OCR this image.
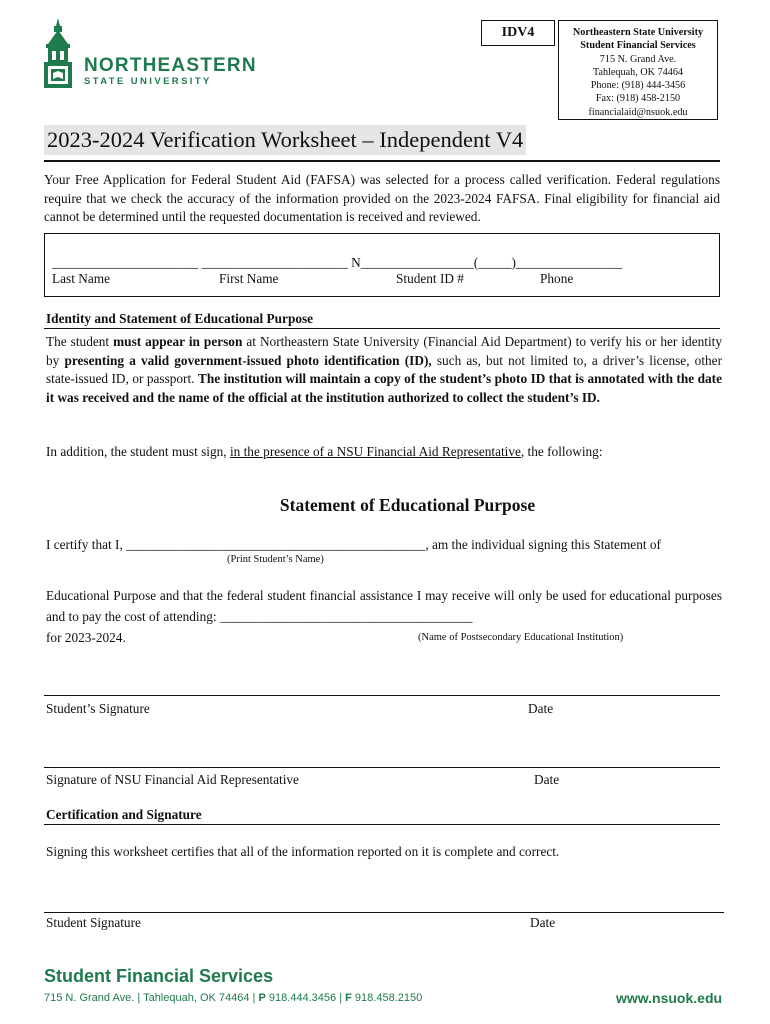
NORTHEASTERN
STATE UNIVERSITY
IDV4	Northeastern State University
Student Financial Services
715 N. Grand Ave.
Tahlequah, OK 74464
Phone: (918) 444-3456
Fax: (918) 458-2150
financialaid@nsuok.edu
2023-2024 Verification Worksheet – Independent V4
Your Free Application for Federal Student Aid (FAFSA) was selected for a process called verification. Federal regulations require that we check the accuracy of the information provided on the 2023-2024 FAFSA. Final eligibility for financial aid cannot be determined until the requested documentation is received and reviewed.
______________________ ______________________ N_________________(_____)________________
Last Name	First Name	Student ID #	Phone
Identity and Statement of Educational Purpose
The student must appear in person at Northeastern State University (Financial Aid Department) to verify his or her identity by presenting a valid government-issued photo identification (ID), such as, but not limited to, a driver’s license, other state-issued ID, or passport. The institution will maintain a copy of the student’s photo ID that is annotated with the date it was received and the name of the official at the institution authorized to collect the student’s ID.
In addition, the student must sign, in the presence of a NSU Financial Aid Representative, the following:
Statement of Educational Purpose
I certify that I, _____________________________________________, am the individual signing this Statement of
(Print Student’s Name)
Educational Purpose and that the federal student financial assistance I may receive will only be used for educational purposes and to pay the cost of attending: ______________________________________
for 2023-2024.	(Name of Postsecondary Educational Institution)
Student’s Signature	Date
Signature of NSU Financial Aid Representative	Date
Certification and Signature
Signing this worksheet certifies that all of the information reported on it is complete and correct.
Student Signature	Date
Student Financial Services
715 N. Grand Ave. | Tahlequah, OK 74464 | P 918.444.3456 | F 918.458.2150	www.nsuok.edu
